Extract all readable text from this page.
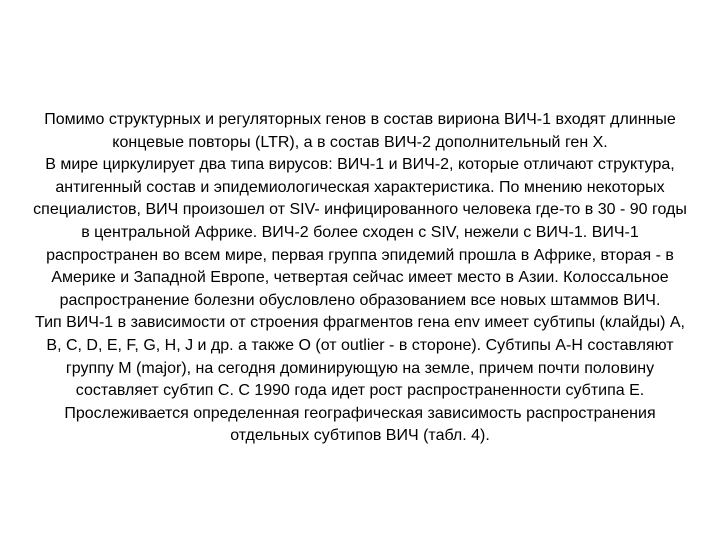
Помимо структурных и регуляторных генов в состав вириона ВИЧ-1 входят длинные концевые повторы (LTR), а в состав ВИЧ-2 дополнительный ген X.

В мире циркулирует два типа вирусов: ВИЧ-1 и ВИЧ-2, которые отличают структура, антигенный состав и эпидемиологическая характеристика. По мнению некоторых специалистов, ВИЧ произошел от SIV- инфицированного человека где-то в 30 - 90 годы в центральной Африке. ВИЧ-2 более сходен с SIV, нежели с ВИЧ-1. ВИЧ-1 распространен во всем мире, первая группа эпидемий прошла в Африке, вторая - в Америке и Западной Европе, четвертая сейчас имеет место в Азии. Колоссальное распространение болезни обусловлено образованием все новых штаммов ВИЧ.

Тип ВИЧ-1 в зависимости от строения фрагментов гена env имеет субтипы (клайды) A, B, C, D, E, F, G, H, J и др. а также О (от outlier - в стороне). Субтипы A-H составляют группу M (major), на сегодня доминирующую на земле, причем почти половину составляет субтип С. С 1990 года идет рост распространенности субтипа Е.

Прослеживается определенная географическая зависимость распространения отдельных субтипов ВИЧ (табл. 4).
